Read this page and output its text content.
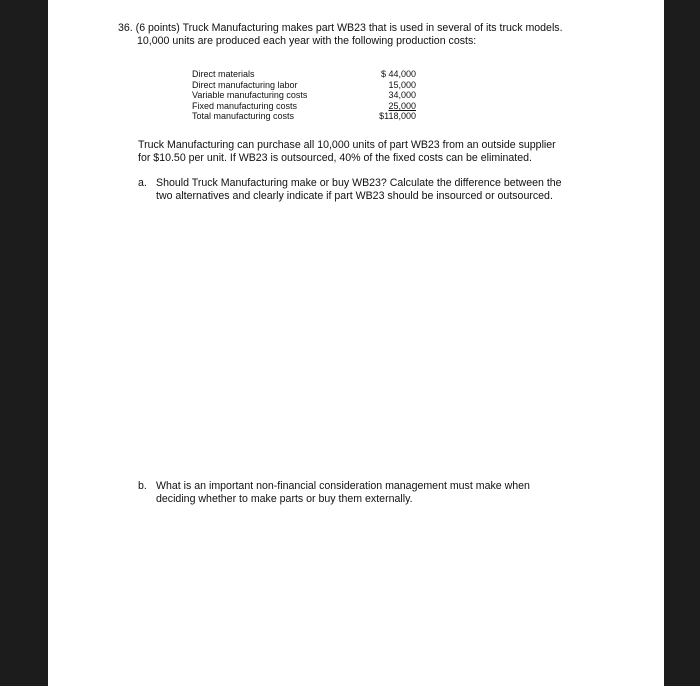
36. (6 points) Truck Manufacturing makes part WB23 that is used in several of its truck models.
10,000 units are produced each year with the following production costs:
Direct materials	$ 44,000
Direct manufacturing labor	15,000
Variable manufacturing costs	34,000
Fixed manufacturing costs	25,000
Total manufacturing costs	$118,000
Truck Manufacturing can purchase all 10,000 units of part WB23 from an outside supplier
for $10.50 per unit. If WB23 is outsourced, 40% of the fixed costs can be eliminated.
a. Should Truck Manufacturing make or buy WB23? Calculate the difference between the
two alternatives and clearly indicate if part WB23 should be insourced or outsourced.
b. What is an important non-financial consideration management must make when
deciding whether to make parts or buy them externally.
